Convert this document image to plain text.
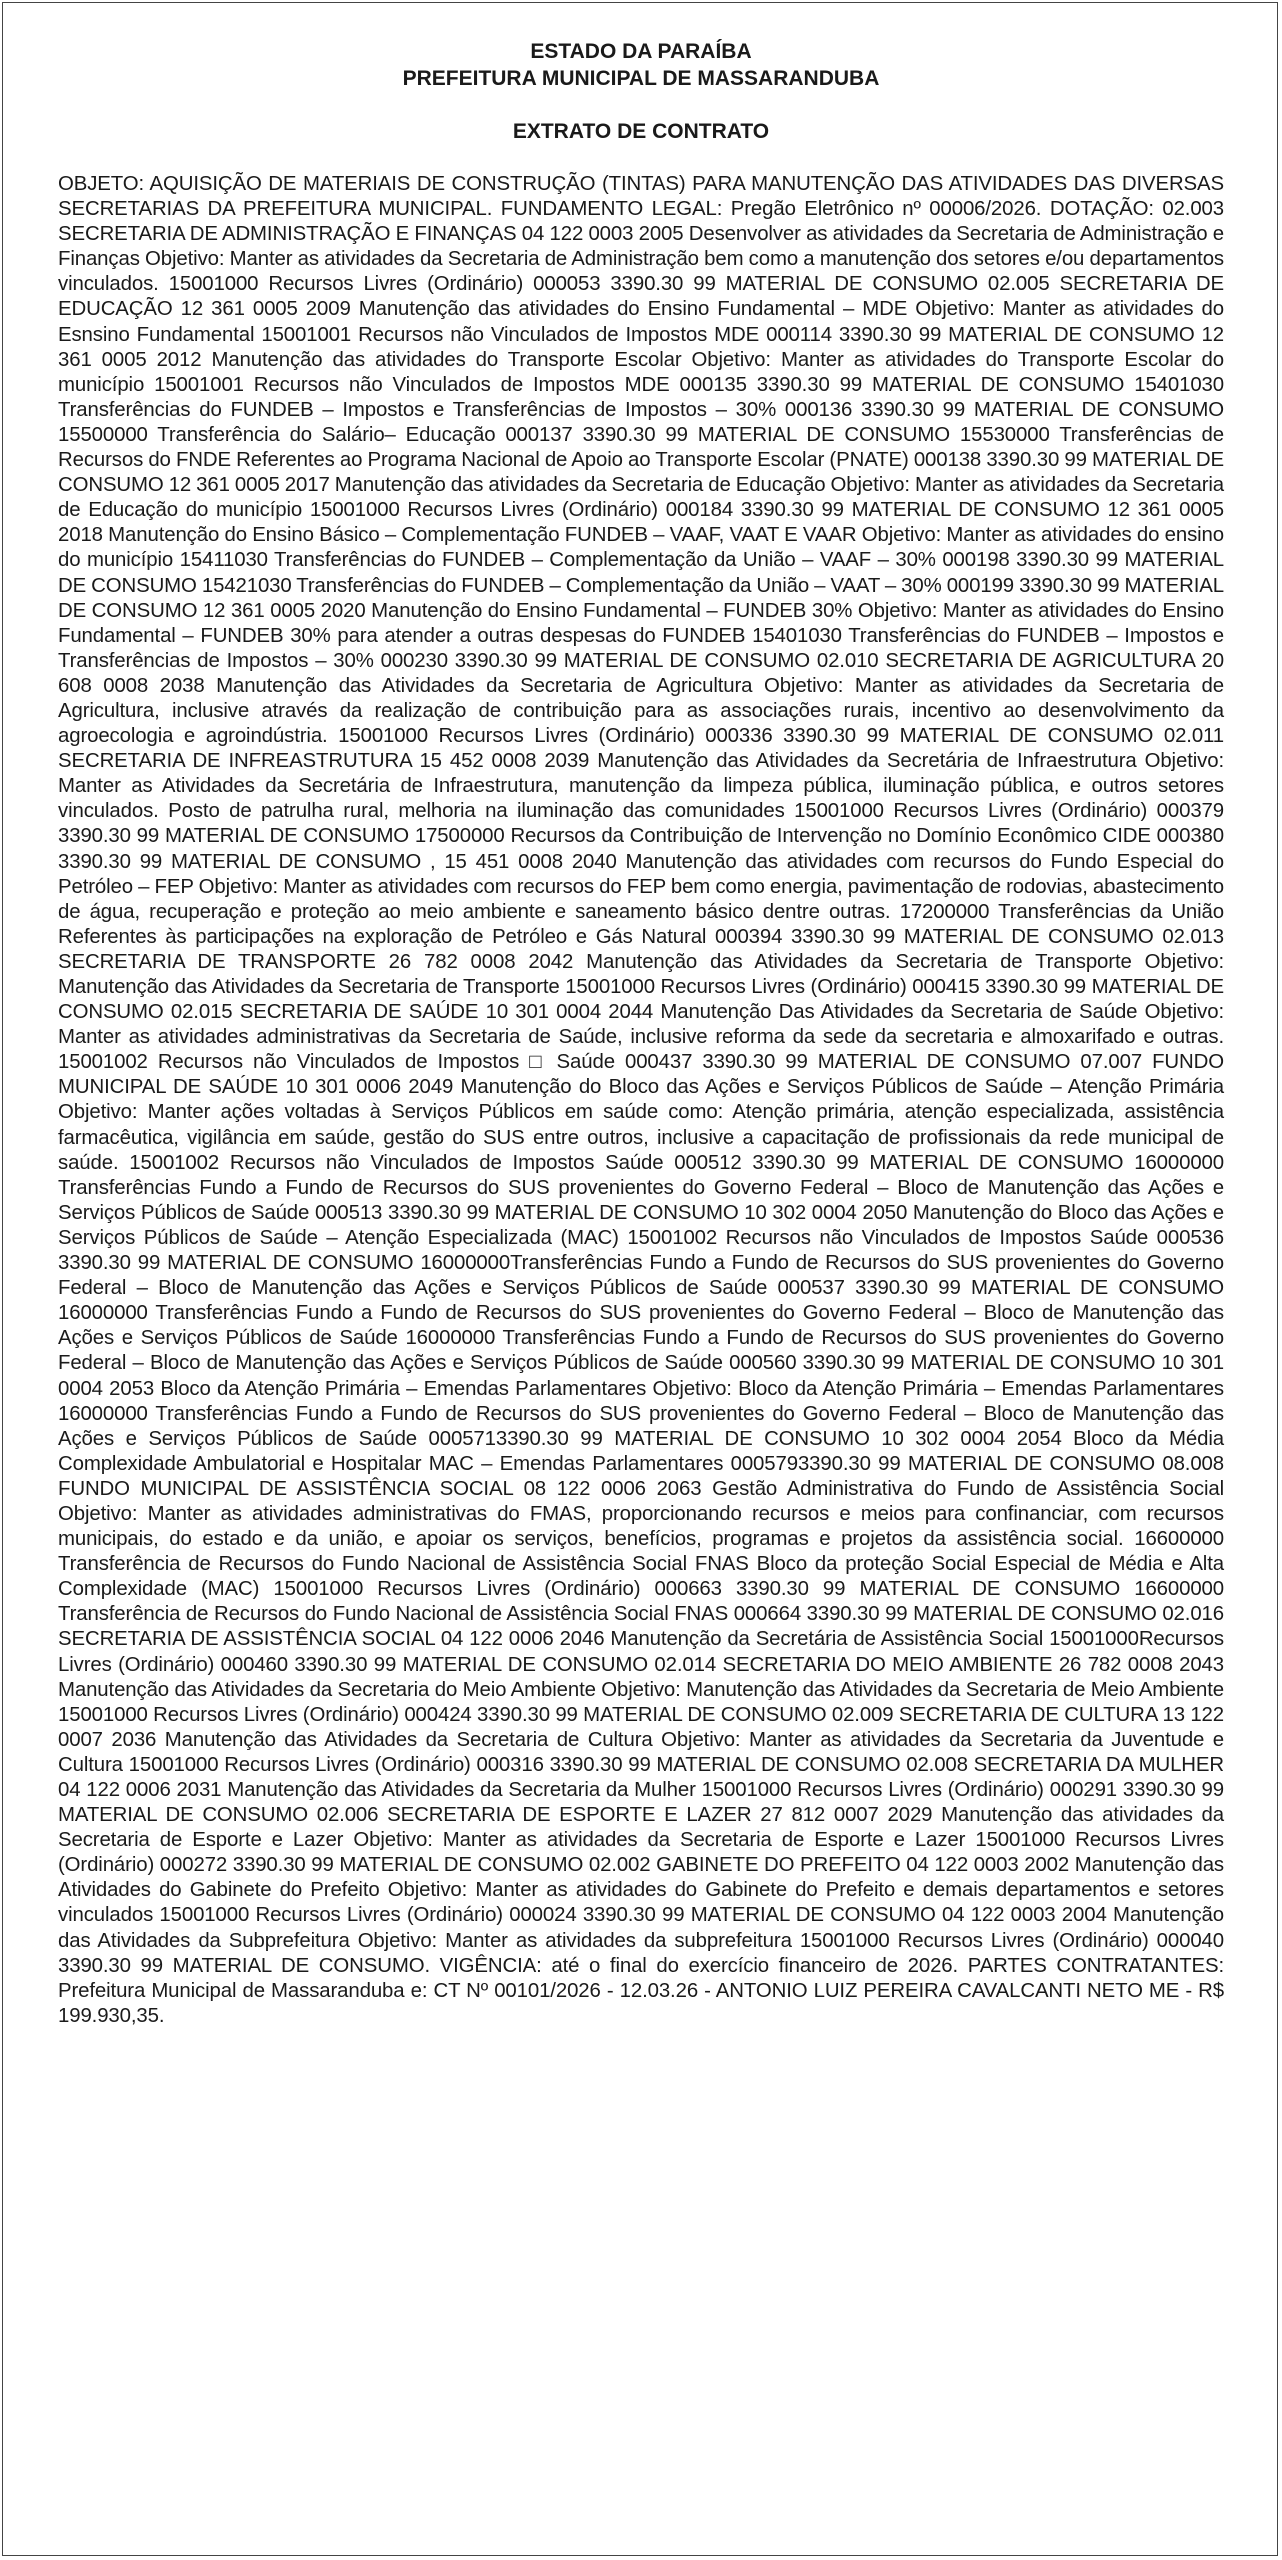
ESTADO DA PARAÍBA
PREFEITURA MUNICIPAL DE MASSARANDUBA
EXTRATO DE CONTRATO
OBJETO: AQUISIÇÃO DE MATERIAIS DE CONSTRUÇÃO (TINTAS) PARA MANUTENÇÃO DAS ATIVIDADES DAS DIVERSAS SECRETARIAS DA PREFEITURA MUNICIPAL. FUNDAMENTO LEGAL: Pregão Eletrônico nº 00006/2026. DOTAÇÃO: 02.003 SECRETARIA DE ADMINISTRAÇÃO E FINANÇAS 04 122 0003 2005 Desenvolver as atividades da Secretaria de Administração e Finanças Objetivo: Manter as atividades da Secretaria de Administração bem como a manutenção dos setores e/ou departamentos vinculados. 15001000 Recursos Livres (Ordinário) 000053 3390.30 99 MATERIAL DE CONSUMO 02.005 SECRETARIA DE EDUCAÇÃO 12 361 0005 2009 Manutenção das atividades do Ensino Fundamental – MDE Objetivo: Manter as atividades do Esnsino Fundamental 15001001 Recursos não Vinculados de Impostos MDE 000114 3390.30 99 MATERIAL DE CONSUMO 12 361 0005 2012 Manutenção das atividades do Transporte Escolar Objetivo: Manter as atividades do Transporte Escolar do município 15001001 Recursos não Vinculados de Impostos MDE 000135 3390.30 99 MATERIAL DE CONSUMO 15401030 Transferências do FUNDEB – Impostos e Transferências de Impostos – 30% 000136 3390.30 99 MATERIAL DE CONSUMO 15500000 Transferência do Salário– Educação 000137 3390.30 99 MATERIAL DE CONSUMO 15530000 Transferências de Recursos do FNDE Referentes ao Programa Nacional de Apoio ao Transporte Escolar (PNATE) 000138 3390.30 99 MATERIAL DE CONSUMO 12 361 0005 2017 Manutenção das atividades da Secretaria de Educação Objetivo: Manter as atividades da Secretaria de Educação do município 15001000 Recursos Livres (Ordinário) 000184 3390.30 99 MATERIAL DE CONSUMO 12 361 0005 2018 Manutenção do Ensino Básico – Complementação FUNDEB – VAAF, VAAT E VAAR Objetivo: Manter as atividades do ensino do município 15411030 Transferências do FUNDEB – Complementação da União – VAAF – 30% 000198 3390.30 99 MATERIAL DE CONSUMO 15421030 Transferências do FUNDEB – Complementação da União – VAAT – 30% 000199 3390.30 99 MATERIAL DE CONSUMO 12 361 0005 2020 Manutenção do Ensino Fundamental – FUNDEB 30% Objetivo: Manter as atividades do Ensino Fundamental – FUNDEB 30% para atender a outras despesas do FUNDEB 15401030 Transferências do FUNDEB – Impostos e Transferências de Impostos – 30% 000230 3390.30 99 MATERIAL DE CONSUMO 02.010 SECRETARIA DE AGRICULTURA 20 608 0008 2038 Manutenção das Atividades da Secretaria de Agricultura Objetivo: Manter as atividades da Secretaria de Agricultura, inclusive através da realização de contribuição para as associações rurais, incentivo ao desenvolvimento da agroecologia e agroindústria. 15001000 Recursos Livres (Ordinário) 000336 3390.30 99 MATERIAL DE CONSUMO 02.011 SECRETARIA DE INFREASTRUTURA 15 452 0008 2039 Manutenção das Atividades da Secretária de Infraestrutura Objetivo: Manter as Atividades da Secretária de Infraestrutura, manutenção da limpeza pública, iluminação pública, e outros setores vinculados. Posto de patrulha rural, melhoria na iluminação das comunidades 15001000 Recursos Livres (Ordinário) 000379 3390.30 99 MATERIAL DE CONSUMO 17500000 Recursos da Contribuição de Intervenção no Domínio Econômico CIDE 000380 3390.30 99 MATERIAL DE CONSUMO , 15 451 0008 2040 Manutenção das atividades com recursos do Fundo Especial do Petróleo – FEP Objetivo: Manter as atividades com recursos do FEP bem como energia, pavimentação de rodovias, abastecimento de água, recuperação e proteção ao meio ambiente e saneamento básico dentre outras. 17200000 Transferências da União Referentes às participações na exploração de Petróleo e Gás Natural 000394 3390.30 99 MATERIAL DE CONSUMO 02.013 SECRETARIA DE TRANSPORTE 26 782 0008 2042 Manutenção das Atividades da Secretaria de Transporte Objetivo: Manutenção das Atividades da Secretaria de Transporte 15001000 Recursos Livres (Ordinário) 000415 3390.30 99 MATERIAL DE CONSUMO 02.015 SECRETARIA DE SAÚDE 10 301 0004 2044 Manutenção Das Atividades da Secretaria de Saúde Objetivo: Manter as atividades administrativas da Secretaria de Saúde, inclusive reforma da sede da secretaria e almoxarifado e outras. 15001002 Recursos não Vinculados de Impostos □ Saúde 000437 3390.30 99 MATERIAL DE CONSUMO 07.007 FUNDO MUNICIPAL DE SAÚDE 10 301 0006 2049 Manutenção do Bloco das Ações e Serviços Públicos de Saúde – Atenção Primária Objetivo: Manter ações voltadas à Serviços Públicos em saúde como: Atenção primária, atenção especializada, assistência farmacêutica, vigilância em saúde, gestão do SUS entre outros, inclusive a capacitação de profissionais da rede municipal de saúde. 15001002 Recursos não Vinculados de Impostos Saúde 000512 3390.30 99 MATERIAL DE CONSUMO 16000000 Transferências Fundo a Fundo de Recursos do SUS provenientes do Governo Federal – Bloco de Manutenção das Ações e Serviços Públicos de Saúde 000513 3390.30 99 MATERIAL DE CONSUMO 10 302 0004 2050 Manutenção do Bloco das Ações e Serviços Públicos de Saúde – Atenção Especializada (MAC) 15001002 Recursos não Vinculados de Impostos Saúde 000536 3390.30 99 MATERIAL DE CONSUMO 16000000Transferências Fundo a Fundo de Recursos do SUS provenientes do Governo Federal – Bloco de Manutenção das Ações e Serviços Públicos de Saúde 000537 3390.30 99 MATERIAL DE CONSUMO 16000000 Transferências Fundo a Fundo de Recursos do SUS provenientes do Governo Federal – Bloco de Manutenção das Ações e Serviços Públicos de Saúde 16000000 Transferências Fundo a Fundo de Recursos do SUS provenientes do Governo Federal – Bloco de Manutenção das Ações e Serviços Públicos de Saúde 000560 3390.30 99 MATERIAL DE CONSUMO 10 301 0004 2053 Bloco da Atenção Primária – Emendas Parlamentares Objetivo: Bloco da Atenção Primária – Emendas Parlamentares 16000000 Transferências Fundo a Fundo de Recursos do SUS provenientes do Governo Federal – Bloco de Manutenção das Ações e Serviços Públicos de Saúde 0005713390.30 99 MATERIAL DE CONSUMO 10 302 0004 2054 Bloco da Média Complexidade Ambulatorial e Hospitalar MAC – Emendas Parlamentares 0005793390.30 99 MATERIAL DE CONSUMO 08.008 FUNDO MUNICIPAL DE ASSISTÊNCIA SOCIAL 08 122 0006 2063 Gestão Administrativa do Fundo de Assistência Social Objetivo: Manter as atividades administrativas do FMAS, proporcionando recursos e meios para confinanciar, com recursos municipais, do estado e da união, e apoiar os serviços, benefícios, programas e projetos da assistência social. 16600000 Transferência de Recursos do Fundo Nacional de Assistência Social FNAS Bloco da proteção Social Especial de Média e Alta Complexidade (MAC) 15001000 Recursos Livres (Ordinário) 000663 3390.30 99 MATERIAL DE CONSUMO 16600000 Transferência de Recursos do Fundo Nacional de Assistência Social FNAS 000664 3390.30 99 MATERIAL DE CONSUMO 02.016 SECRETARIA DE ASSISTÊNCIA SOCIAL 04 122 0006 2046 Manutenção da Secretária de Assistência Social 15001000Recursos Livres (Ordinário) 000460 3390.30 99 MATERIAL DE CONSUMO 02.014 SECRETARIA DO MEIO AMBIENTE 26 782 0008 2043 Manutenção das Atividades da Secretaria do Meio Ambiente Objetivo: Manutenção das Atividades da Secretaria de Meio Ambiente 15001000 Recursos Livres (Ordinário) 000424 3390.30 99 MATERIAL DE CONSUMO 02.009 SECRETARIA DE CULTURA 13 122 0007 2036 Manutenção das Atividades da Secretaria de Cultura Objetivo: Manter as atividades da Secretaria da Juventude e Cultura 15001000 Recursos Livres (Ordinário) 000316 3390.30 99 MATERIAL DE CONSUMO 02.008 SECRETARIA DA MULHER 04 122 0006 2031 Manutenção das Atividades da Secretaria da Mulher 15001000 Recursos Livres (Ordinário) 000291 3390.30 99 MATERIAL DE CONSUMO 02.006 SECRETARIA DE ESPORTE E LAZER 27 812 0007 2029 Manutenção das atividades da Secretaria de Esporte e Lazer Objetivo: Manter as atividades da Secretaria de Esporte e Lazer 15001000 Recursos Livres (Ordinário) 000272 3390.30 99 MATERIAL DE CONSUMO 02.002 GABINETE DO PREFEITO 04 122 0003 2002 Manutenção das Atividades do Gabinete do Prefeito Objetivo: Manter as atividades do Gabinete do Prefeito e demais departamentos e setores vinculados 15001000 Recursos Livres (Ordinário) 000024 3390.30 99 MATERIAL DE CONSUMO 04 122 0003 2004 Manutenção das Atividades da Subprefeitura Objetivo: Manter as atividades da subprefeitura 15001000 Recursos Livres (Ordinário) 000040 3390.30 99 MATERIAL DE CONSUMO. VIGÊNCIA: até o final do exercício financeiro de 2026. PARTES CONTRATANTES: Prefeitura Municipal de Massaranduba e: CT Nº 00101/2026 - 12.03.26 - ANTONIO LUIZ PEREIRA CAVALCANTI NETO ME - R$ 199.930,35.
